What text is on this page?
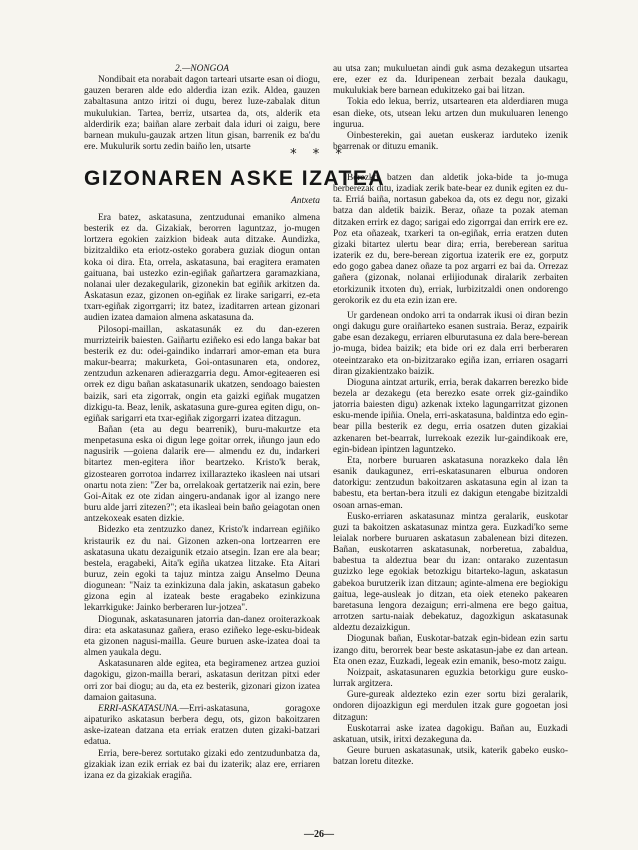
2.—NONGOA

Nondibait eta norabait dagon tarteari utsarte esan oi diogu, gauzen beraren alde edo alderdia izan ezik. Aldea, gauzen zabaltasuna antzo iritzi oi dugu, berez luze-zabalak ditun mukulukian. Tartea, berriz, utsartea da, ots, alderik eta alderdirik eza; baiñan alare zerbait dala iduri oi zaigu, bere barnean mukulu-gauzak artzen litun gisan, barrenik ez ba'du ere. Mukulurik sortu zedin baiño len, utsarte

au utsa zan; mukuluetan aindi guk asma dezakegun utsartea ere, ezer ez da. Iduripenean zerbait bezala daukagu, mukulukiak bere barnean edukitzeko gai bai litzan.

Tokia edo lekua, berriz, utsartearen eta alderdiaren muga esan dieke, ots, utsean leku artzen dun mukuluaren lenengo ingurua.

Oinbesterekin, gai auetan euskeraz iarduteko izenik bearrenak or dituzu emanik.

* * *
GIZONAREN ASKE IZATEA
Antxeta

Era batez, askatasuna, zentzudunai emaniko almena besterik ez da. Gizakiak, berorren laguntzaz, jo-mugen lortzera egokien zaizkion bideak auta ditzake. Aundizka, bizitzaldiko eta eriotz-osteko gorabera guziak diogun ontan koka oi dira. Eta, orrela, askatasuna, bai eragitera eramaten gaituana, bai ustezko ezin-egiñak gañartzera garamazkiana, nolanai uler dezakegularik, gizonekin bat egiñik arkitzen da. Askatasun ezaz, gizonen on-egiñak ez lirake sarigarri, ez-eta txarr-egiñak zigorrgarri; itz batez, izaditarren artean gizonari audien izatea damaion almena askatasuna da.

Pilosopi-maillan, askatasunák ez du dan-ezeren murrizteirik baiesten. Gaiñartu eziñeko esi edo langa bakar bat besterik ez du: odei-gaindiko indarrari amor-eman eta bura makur-bearra; makurketa, Goi-ontasunaren eta, ondorez, zentzudun azkenaren adierazgarria degu. Amor-egiteaeren esi orrek ez digu bañan askatasunarik ukatzen, sendoago baiesten baizik, sari eta zigorrak, ongin eta gaizki egiñak mugatzen dizkigu-ta. Beaz, lenik, askatasuna gure-gurea egiten digu, on-egiñak sarigarri eta txar-egiñak zigorgarri izatea ditzagun.

Bañan (eta au degu bearrenik), buru-makurtze eta menpetasuna eska oi digun lege goitar orrek, iñungo jaun edo nagusirik —goiena dalarik ere— almendu ez du, indarkeri bitartez men-egitera iñor beartzeko. Kristo'k berak, gizostearen gorrotoa indarrez ixillarazteko ikasleen nai utsari onartu nota zien: "Zer ba, orrelakoak gertatzerik nai ezin, bere Goi-Aitak ez ote zidan aingeru-andanak igor al izango nere buru alde jarri zitezen?"; eta ikasleai bein baño geiagotan onen antzekoxeak esaten dizkie.

Bidezko eta zentzuzko danez, Kristo'k indarrean egiñiko kristaurik ez du nai. Gizonen azken-ona lortzearren ere askatasuna ukatu dezaigunik etzaio atsegin. Izan ere ala bear; bestela, eragabeki, Aita'k egiña ukatzea litzake. Eta Aitari buruz, zein egoki ta tajuz mintza zaigu Anselmo Deuna diogunean: "Naiz ta ezinkizuna dala jakin, askatasun gabeko gizona egin al izateak beste eragabeko ezinkizuna lekarrkiguke: Jainko berberaren lur-jotzea".

Diogunak, askatasunaren jatorria dan-danez oroiterazkoak dira: eta askatasunaz gañera, eraso eziñeko lege-esku-bideak eta gizonen nagusi-mailla. Geure buruen aske-izatea doai ta almen yaukala degu.

Askatasunaren alde egitea, eta begiramenez artzea guzioi dagokigu, gizon-mailla berari, askatasun deritzan pitxi eder orri zor bai diogu; au da, eta ez besterik, gizonari gizon izatea damaion gaitasuna.

ERRI-ASKATASUNA.—Erri-askatasuna, goragoxe aipaturiko askatasun berbera degu, ots, gizon bakoitzaren aske-izatean datzana eta erriak eratzen duten gizaki-batzari edatua.

Erria, bere-berez sortutako gizaki edo zentzudunbatza da, gizakiak izan ezik erriak ez bai du izaterik; alaz ere, erriaren izana ez da gizakiak eragiña.

Berezko batzen dan aldetik joka-bide ta jo-muga berberezak ditu, izadiak zerik bate-bear ez dunik egiten ez du-ta. Erriá baiña, nortasun gabekoa da, ots ez degu nor, gizaki batza dan aldetik baizik. Beraz, oñaze ta pozak ateman ditzaken errirk ez dago; sarigai edo zigorrgai dan errirk ere ez. Poz eta oñazeak, txarkeri ta on-egiñak, erria eratzen duten gizaki bitartez ulertu bear dira; erria, bereberean saritua izaterik ez du, bere-berean zigortua izaterik ere ez, gorputz edo gogo gabea danez oñaze ta poz argarri ez bai da. Orrezaz gañera (gizonak, nolanai erlijiodunak diralarik zerbaiten etorkizunik itxoten du), erriak, lurbizitzaldi onen ondorengo gerokorik ez du eta ezin izan ere.

Ur gardenean ondoko arri ta ondarrak ikusi oi diran bezin ongi dakugu gure oraiñarteko esanen sustraia. Beraz, ezpairik gabe esan dezakegu, erriaren elburutasuna ez dala bere-berean jo-muga, bidea baizik; eta bide ori ez dala erri berberaren oteeintzarako eta on-bizitzarako egiña izan, erriaren osagarri diran gizakientzako baizik.

Dioguna aintzat arturik, erria, berak dakarren berezko bide bezela ar dezakegu (eta berezko esate orrek giz-gaindiko jatorria baiesten digu) azkenak ixteko lagungarritzat gizonen esku-mende ipiñia. Onela, erri-askatasuna, baldintza edo egin-bear pilla besterik ez degu, erria osatzen duten gizakiai azkenaren bet-bearrak, lurrekoak ezezik lur-gaindikoak ere, egin-bidean ipintzen laguntzeko.

Eta, norbere buruaren askatasuna norazkeko dala lên esanik daukagunez, erri-eskatasunaren elburua ondoren datorkigu: zentzudun bakoitzaren askatasuna egin al izan ta babestu, eta bertan-bera itzuli ez dakigun etengabe bizitzaldi osoan arnas-eman.

Eusko-erriaren askatasunaz mintza geralarik, euskotar guzi ta bakoitzen askatasunaz mintza gera. Euzkadi'ko seme leialak norbere buruaren askatasun zabalenean bizi ditezen. Bañan, euskotarren askatasunak, norberetua, zabaldua, babestua ta aldeztua bear du izan: ontarako zuzentasun guzizko lege egokiak betozkigu bitarteko-lagun, askatasun gabekoa burutzerik izan ditzaun; aginte-almena ere begiokigu gaitua, lege-ausleak jo ditzan, eta oiek eteneko pakearen baretasuna lengora dezaigun; erri-almena ere bego gaitua, arrotzen sartu-naiak debekatuz, dagozkigun askatasunak aldeztu dezaizkigun.

Diogunak bañan, Euskotar-batzak egin-bidean ezin sartu izango ditu, berorrek bear beste askatasun-jabe ez dan artean. Eta onen ezaz, Euzkadi, legeak ezin emanik, beso-motz zaigu.

Noizpait, askatasunaren eguzkia betorkigu gure eusko-lurrak argitzera.

Gure-gureak aldezteko ezin ezer sortu bizi geralarik, ondoren dijoazkigun egi merdulen itzak gure gogoetan josi ditzagun:

Euskotarrai aske izatea dagokigu. Bañan au, Euzkadi askatuan, utsik, iritxi dezakeguna da.

Geure buruen askatasunak, utsik, katerik gabeko eusko-batzan loretu ditezke.

—26—
